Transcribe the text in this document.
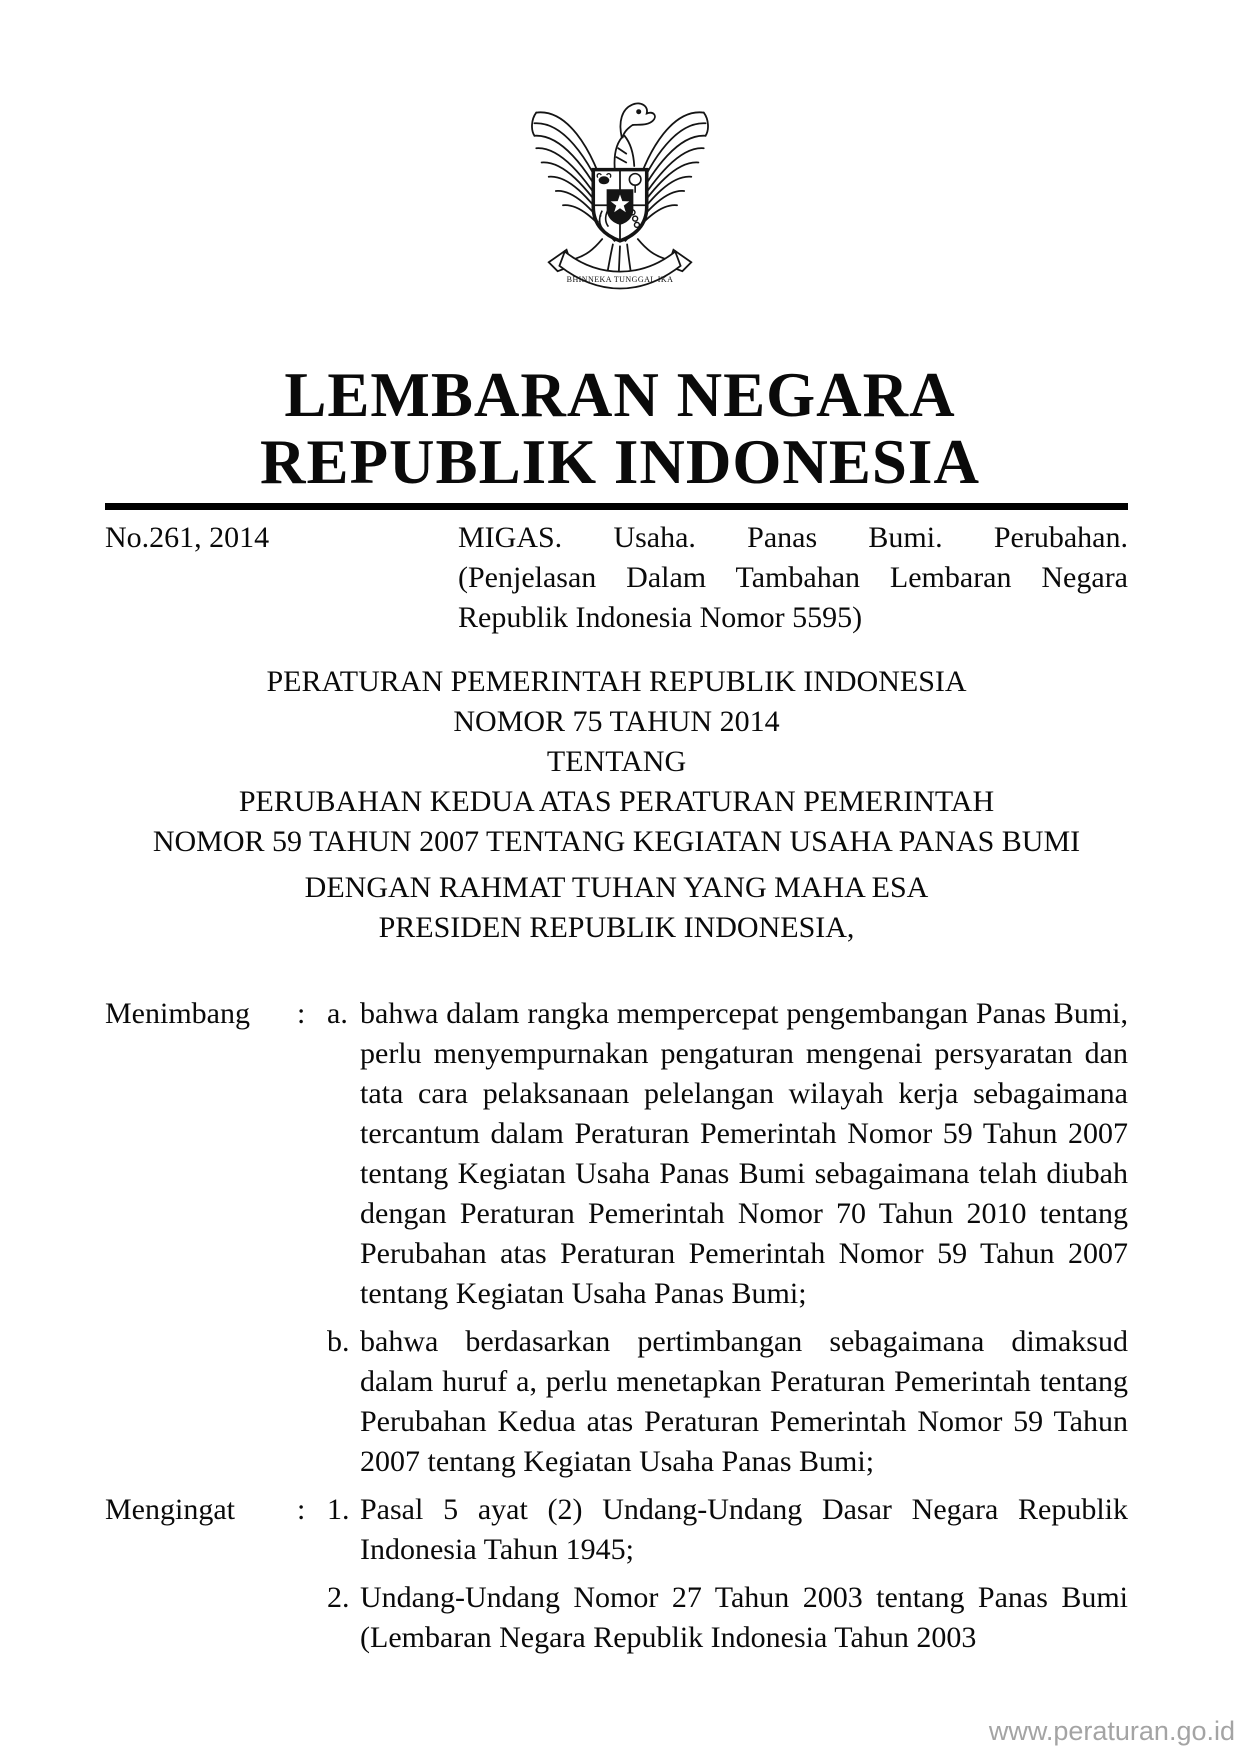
BHINNEKA TUNGGAL IKA
LEMBARAN NEGARA
REPUBLIK INDONESIA
No.261, 2014	MIGAS. Usaha. Panas Bumi. Perubahan.
(Penjelasan Dalam Tambahan Lembaran Negara
Republik Indonesia Nomor 5595)
PERATURAN PEMERINTAH REPUBLIK INDONESIA
NOMOR 75 TAHUN 2014
TENTANG
PERUBAHAN KEDUA ATAS PERATURAN PEMERINTAH
NOMOR 59 TAHUN 2007 TENTANG KEGIATAN USAHA PANAS BUMI
DENGAN RAHMAT TUHAN YANG MAHA ESA
PRESIDEN REPUBLIK INDONESIA,
Menimbang	: a. bahwa dalam rangka mempercepat pengembangan Panas Bumi, perlu menyempurnakan pengaturan mengenai persyaratan dan tata cara pelaksanaan pelelangan wilayah kerja sebagaimana tercantum dalam Peraturan Pemerintah Nomor 59 Tahun 2007 tentang Kegiatan Usaha Panas Bumi sebagaimana telah diubah dengan Peraturan Pemerintah Nomor 70 Tahun 2010 tentang Perubahan atas Peraturan Pemerintah Nomor 59 Tahun 2007 tentang Kegiatan Usaha Panas Bumi;
b. bahwa berdasarkan pertimbangan sebagaimana dimaksud dalam huruf a, perlu menetapkan Peraturan Pemerintah tentang Perubahan Kedua atas Peraturan Pemerintah Nomor 59 Tahun 2007 tentang Kegiatan Usaha Panas Bumi;
Mengingat	: 1. Pasal 5 ayat (2) Undang-Undang Dasar Negara Republik Indonesia Tahun 1945;
2. Undang-Undang Nomor 27 Tahun 2003 tentang Panas Bumi (Lembaran Negara Republik Indonesia Tahun 2003
www.peraturan.go.id
